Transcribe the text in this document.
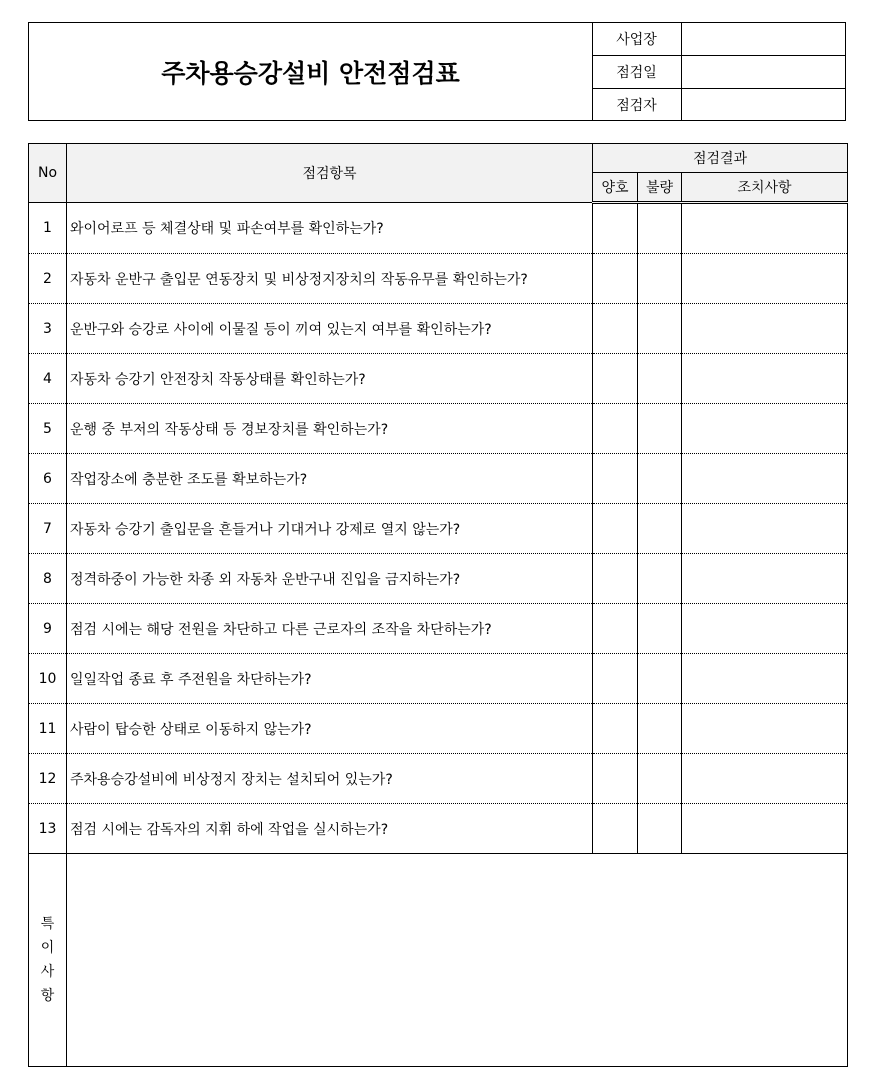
주차용승강설비 안전점검표
사업장
점검일
점검자
No	점검항목	점검결과		
		양호	불량	조치사항
1	와이어로프 등 체결상태 및 파손여부를 확인하는가?			
2	자동차 운반구 출입문 연동장치 및 비상정지장치의 작동유무를 확인하는가?			
3	운반구와 승강로 사이에 이물질 등이 끼여 있는지 여부를 확인하는가?			
4	자동차 승강기 안전장치 작동상태를 확인하는가?			
5	운행 중 부저의 작동상태 등 경보장치를 확인하는가?			
6	작업장소에 충분한 조도를 확보하는가?			
7	자동차 승강기 출입문을 흔들거나 기대거나 강제로 열지 않는가?			
8	정격하중이 가능한 차종 외 자동차 운반구내 진입을 금지하는가?			
9	점검 시에는 해당 전원을 차단하고 다른 근로자의 조작을 차단하는가?			
10	일일작업 종료 후 주전원을 차단하는가?			
11	사람이 탑승한 상태로 이동하지 않는가?			
12	주차용승강설비에 비상정지 장치는 설치되어 있는가?			
13	점검 시에는 감독자의 지휘 하에 작업을 실시하는가?			

특
이
사
항				
